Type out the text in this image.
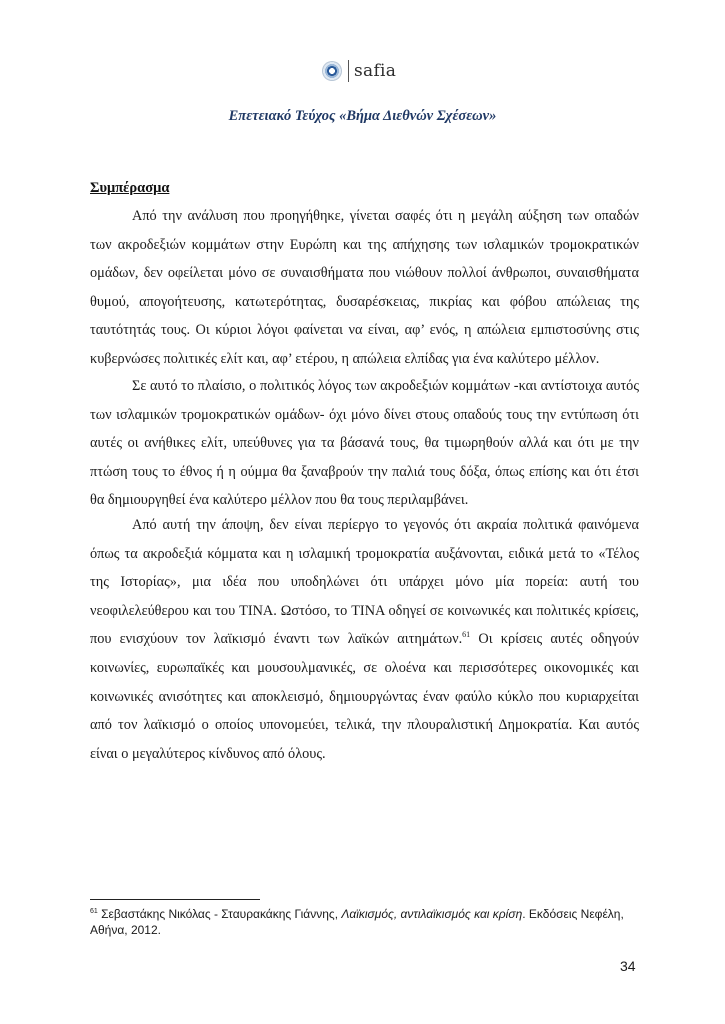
safia
Επετειακό Τεύχος «Βήμα Διεθνών Σχέσεων»
Συμπέρασμα

Από την ανάλυση που προηγήθηκε, γίνεται σαφές ότι η μεγάλη αύξηση των οπαδών των ακροδεξιών κομμάτων στην Ευρώπη και της απήχησης των ισλαμικών τρομοκρατικών ομάδων, δεν οφείλεται μόνο σε συναισθήματα που νιώθουν πολλοί άνθρωποι, συναισθήματα θυμού, απογοήτευσης, κατωτερότητας, δυσαρέσκειας, πικρίας και φόβου απώλειας της ταυτότητάς τους. Οι κύριοι λόγοι φαίνεται να είναι, αφ’ ενός, η απώλεια εμπιστοσύνης στις κυβερνώσες πολιτικές ελίτ και, αφ’ ετέρου, η απώλεια ελπίδας για ένα καλύτερο μέλλον.

Σε αυτό το πλαίσιο, ο πολιτικός λόγος των ακροδεξιών κομμάτων -και αντίστοιχα αυτός των ισλαμικών τρομοκρατικών ομάδων- όχι μόνο δίνει στους οπαδούς τους την εντύπωση ότι αυτές οι ανήθικες ελίτ, υπεύθυνες για τα βάσανά τους, θα τιμωρηθούν αλλά και ότι με την πτώση τους το έθνος ή η ούμμα θα ξαναβρούν την παλιά τους δόξα, όπως επίσης και ότι έτσι θα δημιουργηθεί ένα καλύτερο μέλλον που θα τους περιλαμβάνει.

Από αυτή την άποψη, δεν είναι περίεργο το γεγονός ότι ακραία πολιτικά φαινόμενα όπως τα ακροδεξιά κόμματα και η ισλαμική τρομοκρατία αυξάνονται, ειδικά μετά το «Τέλος της Ιστορίας», μια ιδέα που υποδηλώνει ότι υπάρχει μόνο μία πορεία: αυτή του νεοφιλελεύθερου και του TINA. Ωστόσο, το TINA οδηγεί σε κοινωνικές και πολιτικές κρίσεις, που ενισχύουν τον λαϊκισμό έναντι των λαϊκών αιτημάτων.$^{61}$ Οι κρίσεις αυτές οδηγούν κοινωνίες, ευρωπαϊκές και μουσουλμανικές, σε ολοένα και περισσότερες οικονομικές και κοινωνικές ανισότητες και αποκλεισμό, δημιουργώντας έναν φαύλο κύκλο που κυριαρχείται από τον λαϊκισμό ο οποίος υπονομεύει, τελικά, την πλουραλιστική Δημοκρατία. Και αυτός είναι ο μεγαλύτερος κίνδυνος από όλους.

$^{61}$ Σεβαστάκης Νικόλας - Σταυρακάκης Γιάννης, Λαϊκισμός, αντιλαϊκισμός και κρίση. Εκδόσεις Νεφέλη, Αθήνα, 2012.
34
